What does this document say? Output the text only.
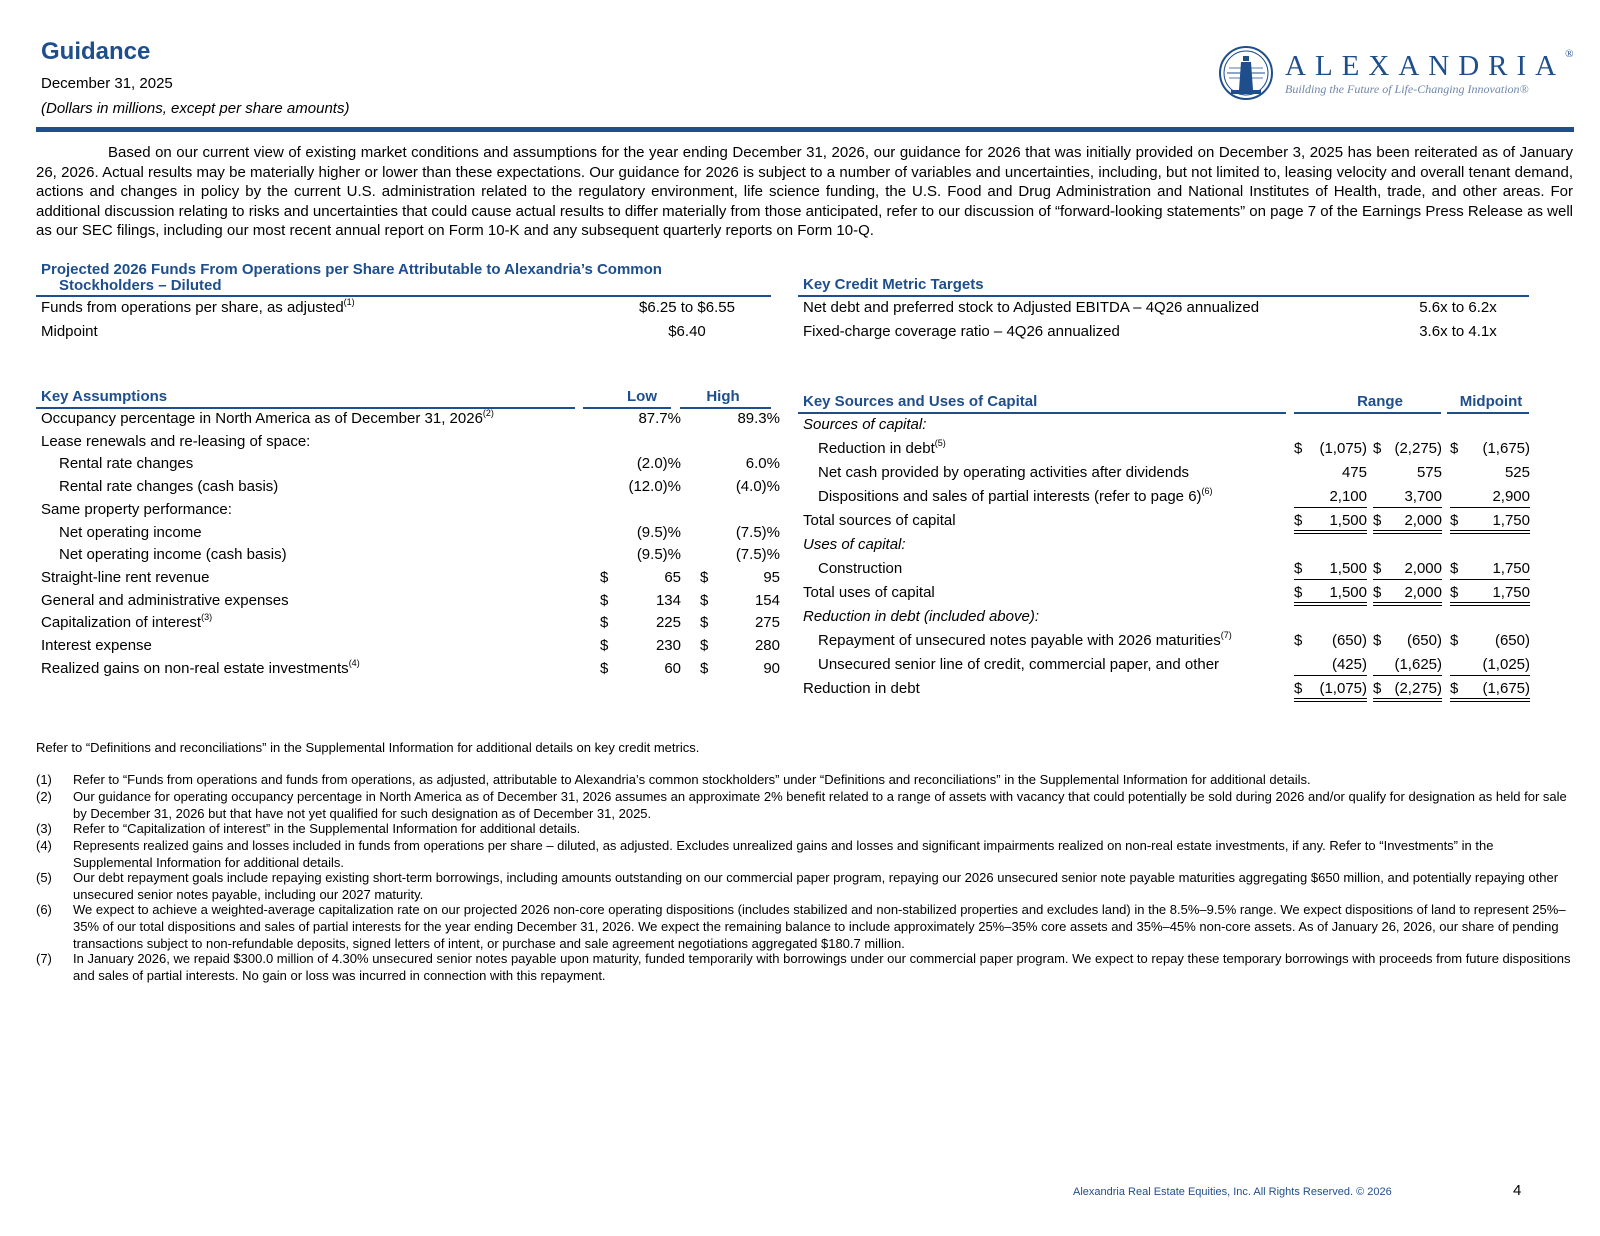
Guidance
December 31, 2025
(Dollars in millions, except per share amounts)
ALEXANDRIA®
Building the Future of Life-Changing Innovation®
Based on our current view of existing market conditions and assumptions for the year ending December 31, 2026, our guidance for 2026 that was initially provided on December 3, 2025 has been reiterated as of January 26, 2026. Actual results may be materially higher or lower than these expectations. Our guidance for 2026 is subject to a number of variables and uncertainties, including, but not limited to, leasing velocity and overall tenant demand, actions and changes in policy by the current U.S. administration related to the regulatory environment, life science funding, the U.S. Food and Drug Administration and National Institutes of Health, trade, and other areas. For additional discussion relating to risks and uncertainties that could cause actual results to differ materially from those anticipated, refer to our discussion of “forward-looking statements” on page 7 of the Earnings Press Release as well as our SEC filings, including our most recent annual report on Form 10-K and any subsequent quarterly reports on Form 10-Q.
Projected 2026 Funds From Operations per Share Attributable to Alexandria’s Common
Stockholders – Diluted
Funds from operations per share, as adjusted$^{(1)}$	$6.25 to $6.55
Midpoint	$6.40
Key Credit Metric Targets
Net debt and preferred stock to Adjusted EBITDA – 4Q26 annualized	5.6x to 6.2x
Fixed-charge coverage ratio – 4Q26 annualized	3.6x to 4.1x
Key Assumptions	Low	High
Occupancy percentage in North America as of December 31, 2026$^{(2)}$	87.7%	89.3%
Lease renewals and re-leasing of space:
Rental rate changes	(2.0)%	6.0%
Rental rate changes (cash basis)	(12.0)%	(4.0)%
Same property performance:
Net operating income	(9.5)%	(7.5)%
Net operating income (cash basis)	(9.5)%	(7.5)%
Straight-line rent revenue	$	65 $	95
General and administrative expenses	$	134 $	154
Capitalization of interest$^{(3)}$	$	225 $	275
Interest expense	$	230 $	280
Realized gains on non-real estate investments$^{(4)}$	$	60 $	90
Key Sources and Uses of Capital	Range	Midpoint
Sources of capital:
Reduction in debt$^{(5)}$	$ (1,075) $ (2,275) $ (1,675)
Net cash provided by operating activities after dividends	475	575	525
Dispositions and sales of partial interests (refer to page 6)$^{(6)}$	2,100 3,700	2,900
Total sources of capital	$ 1,500 $ 2,000 $ 1,750
Uses of capital:
Construction	$ 1,500 $ 2,000 $ 1,750
Total uses of capital	$ 1,500 $ 2,000 $ 1,750
Reduction in debt (included above):
Repayment of unsecured notes payable with 2026 maturities$^{(7)}$	$ (650) $ (650) $ (650)
Unsecured senior line of credit, commercial paper, and other	(425) (1,625)	(1,025)
Reduction in debt	$ (1,075) $ (2,275) $ (1,675)
Refer to “Definitions and reconciliations” in the Supplemental Information for additional details on key credit metrics.
(1) Refer to “Funds from operations and funds from operations, as adjusted, attributable to Alexandria’s common stockholders” under “Definitions and reconciliations” in the Supplemental Information for additional details.
(2) Our guidance for operating occupancy percentage in North America as of December 31, 2026 assumes an approximate 2% benefit related to a range of assets with vacancy that could potentially be sold during 2026 and/or qualify for designation as held for sale by December 31, 2026 but that have not yet qualified for such designation as of December 31, 2025.
(3) Refer to “Capitalization of interest” in the Supplemental Information for additional details.
(4) Represents realized gains and losses included in funds from operations per share – diluted, as adjusted. Excludes unrealized gains and losses and significant impairments realized on non-real estate investments, if any. Refer to “Investments” in the Supplemental Information for additional details.
(5) Our debt repayment goals include repaying existing short-term borrowings, including amounts outstanding on our commercial paper program, repaying our 2026 unsecured senior note payable maturities aggregating $650 million, and potentially repaying other unsecured senior notes payable, including our 2027 maturity.
(6) We expect to achieve a weighted-average capitalization rate on our projected 2026 non-core operating dispositions (includes stabilized and non-stabilized properties and excludes land) in the 8.5%–9.5% range. We expect dispositions of land to represent 25%–35% of our total dispositions and sales of partial interests for the year ending December 31, 2026. We expect the remaining balance to include approximately 25%–35% core assets and 35%–45% non-core assets. As of January 26, 2026, our share of pending transactions subject to non-refundable deposits, signed letters of intent, or purchase and sale agreement negotiations aggregated $180.7 million.
(7) In January 2026, we repaid $300.0 million of 4.30% unsecured senior notes payable upon maturity, funded temporarily with borrowings under our commercial paper program. We expect to repay these temporary borrowings with proceeds from future dispositions and sales of partial interests. No gain or loss was incurred in connection with this repayment.
Alexandria Real Estate Equities, Inc. All Rights Reserved. © 2026	4
